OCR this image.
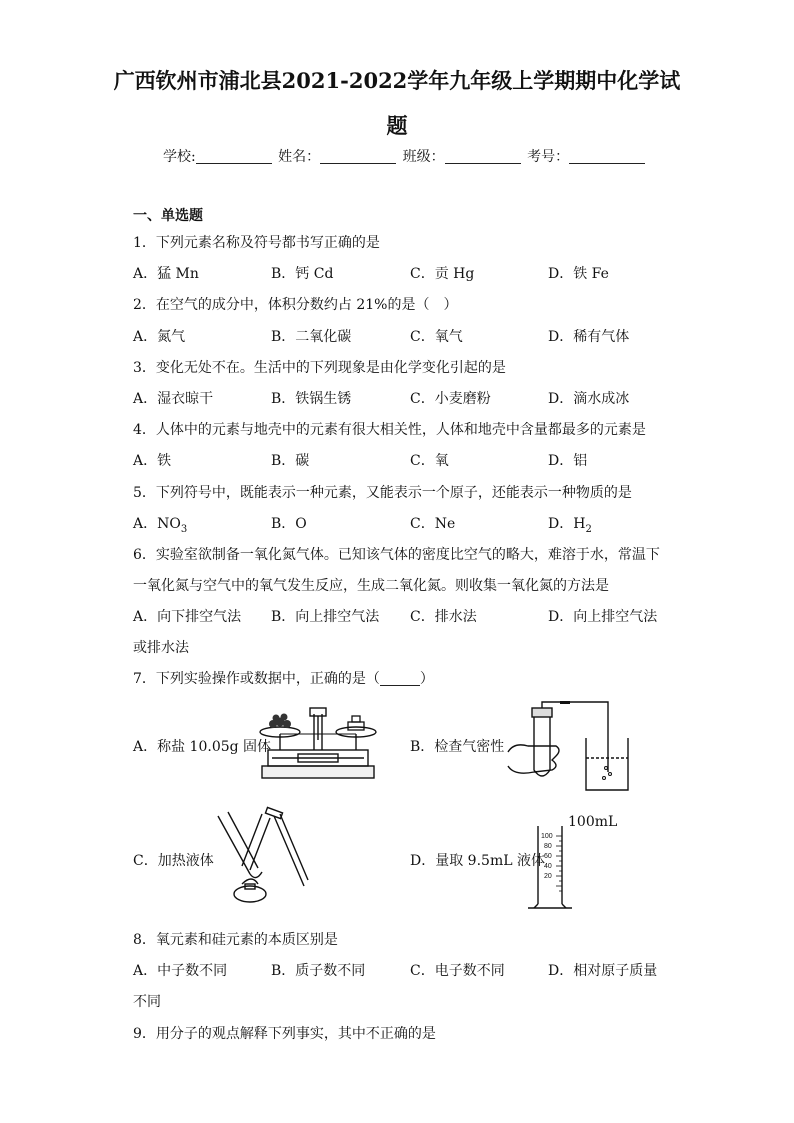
广西钦州市浦北县2021-2022学年九年级上学期期中化学试
题
学校:	姓名：	班级：	考号：
一、单选题
1．下列元素名称及符号都书写正确的是
A．猛 Mn	B．钙 Cd	C．贡 Hg	D．铁 Fe
2．在空气的成分中，体积分数约占 21%的是（　）
A．氮气	B．二氧化碳	C．氧气	D．稀有气体
3．变化无处不在。生活中的下列现象是由化学变化引起的是
A．湿衣晾干	B．铁锅生锈	C．小麦磨粉	D．滴水成冰
4．人体中的元素与地壳中的元素有很大相关性，人体和地壳中含量都最多的元素是
A．铁	B．碳	C．氧	D．铝
5．下列符号中，既能表示一种元素，又能表示一个原子，还能表示一种物质的是
A．$NO_3$	B．O	C．Ne	D．$H_2$
6．实验室欲制备一氧化氮气体。已知该气体的密度比空气的略大，难溶于水，常温下
一氧化氮与空气中的氧气发生反应，生成二氧化氮。则收集一氧化氮的方法是
A．向下排空气法 B．向上排空气法 C．排水法	D．向上排空气法
或排水法
7．下列实验操作或数据中，正确的是（	）
A．称盐 10.05g 固体	B．检查气密性
C．加热液体	D．量取 9.5mL 液体
100mL
100
80
60
40
20
8．氧元素和硅元素的本质区别是
A．中子数不同	B．质子数不同	C．电子数不同	D．相对原子质量
不同
9．用分子的观点解释下列事实，其中不正确的是
